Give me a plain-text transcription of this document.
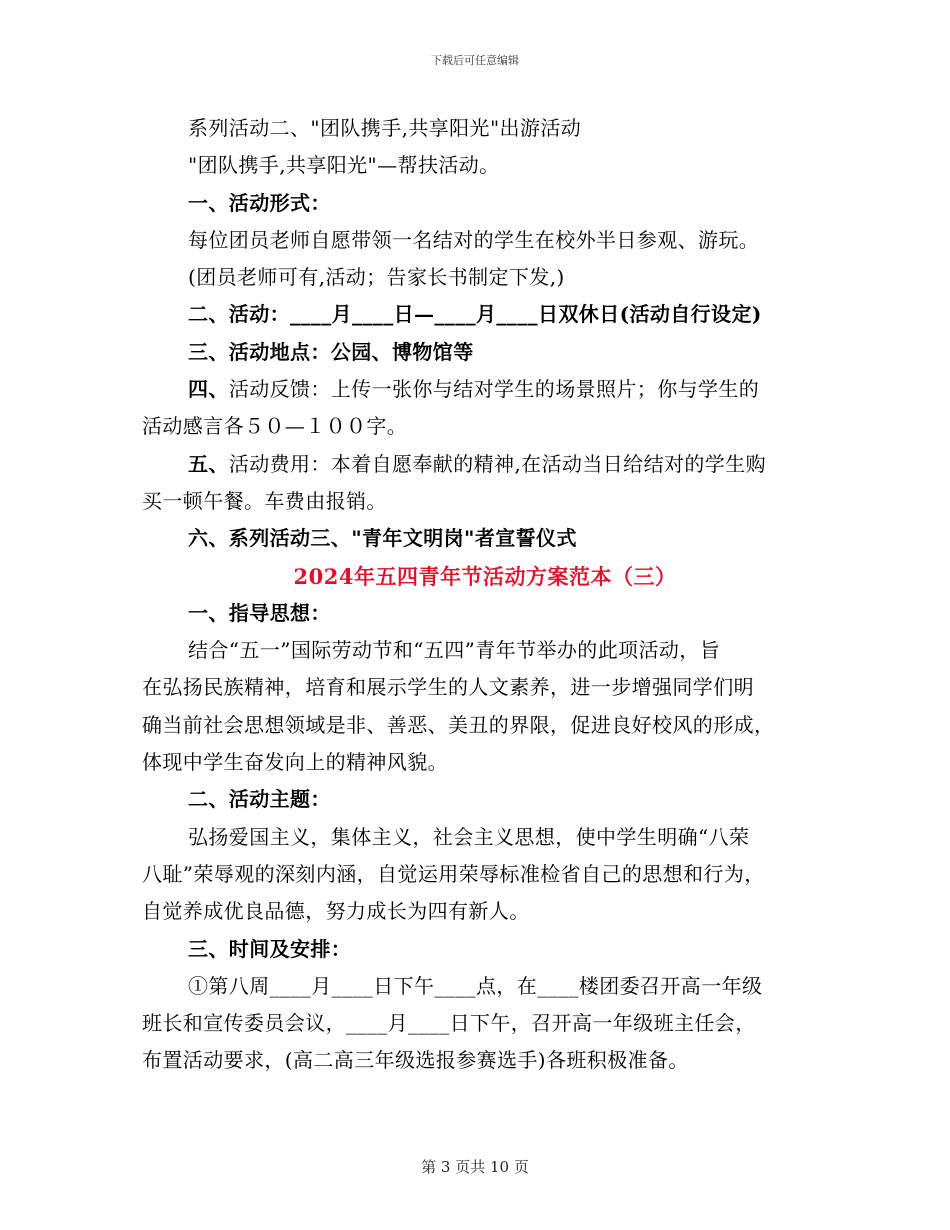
下载后可任意编辑
系列活动二、"团队携手,共享阳光"出游活动
"团队携手,共享阳光"—帮扶活动。
一、活动形式：
每位团员老师自愿带领一名结对的学生在校外半日参观、游玩。
(团员老师可有,活动；告家长书制定下发,)
二、活动：____月____日—____月____日双休日(活动自行设定)
三、活动地点：公园、博物馆等
四、活动反馈：上传一张你与结对学生的场景照片；你与学生的
活动感言各５０—１００字。
五、活动费用：本着自愿奉献的精神,在活动当日给结对的学生购
买一顿午餐。车费由报销。
六、系列活动三、"青年文明岗"者宣誓仪式
2024年五四青年节活动方案范本（三）
一、指导思想：
结合“五一”国际劳动节和“五四”青年节举办的此项活动，旨
在弘扬民族精神，培育和展示学生的人文素养，进一步增强同学们明
确当前社会思想领域是非、善恶、美丑的界限，促进良好校风的形成，
体现中学生奋发向上的精神风貌。
二、活动主题：
弘扬爱国主义，集体主义，社会主义思想，使中学生明确“八荣
八耻”荣辱观的深刻内涵，自觉运用荣辱标准检省自己的思想和行为，
自觉养成优良品德，努力成长为四有新人。
三、时间及安排：
①第八周____月____日下午____点，在____楼团委召开高一年级
班长和宣传委员会议，____月____日下午，召开高一年级班主任会，
布置活动要求，(高二高三年级选报参赛选手)各班积极准备。
第 3 页共 10 页
